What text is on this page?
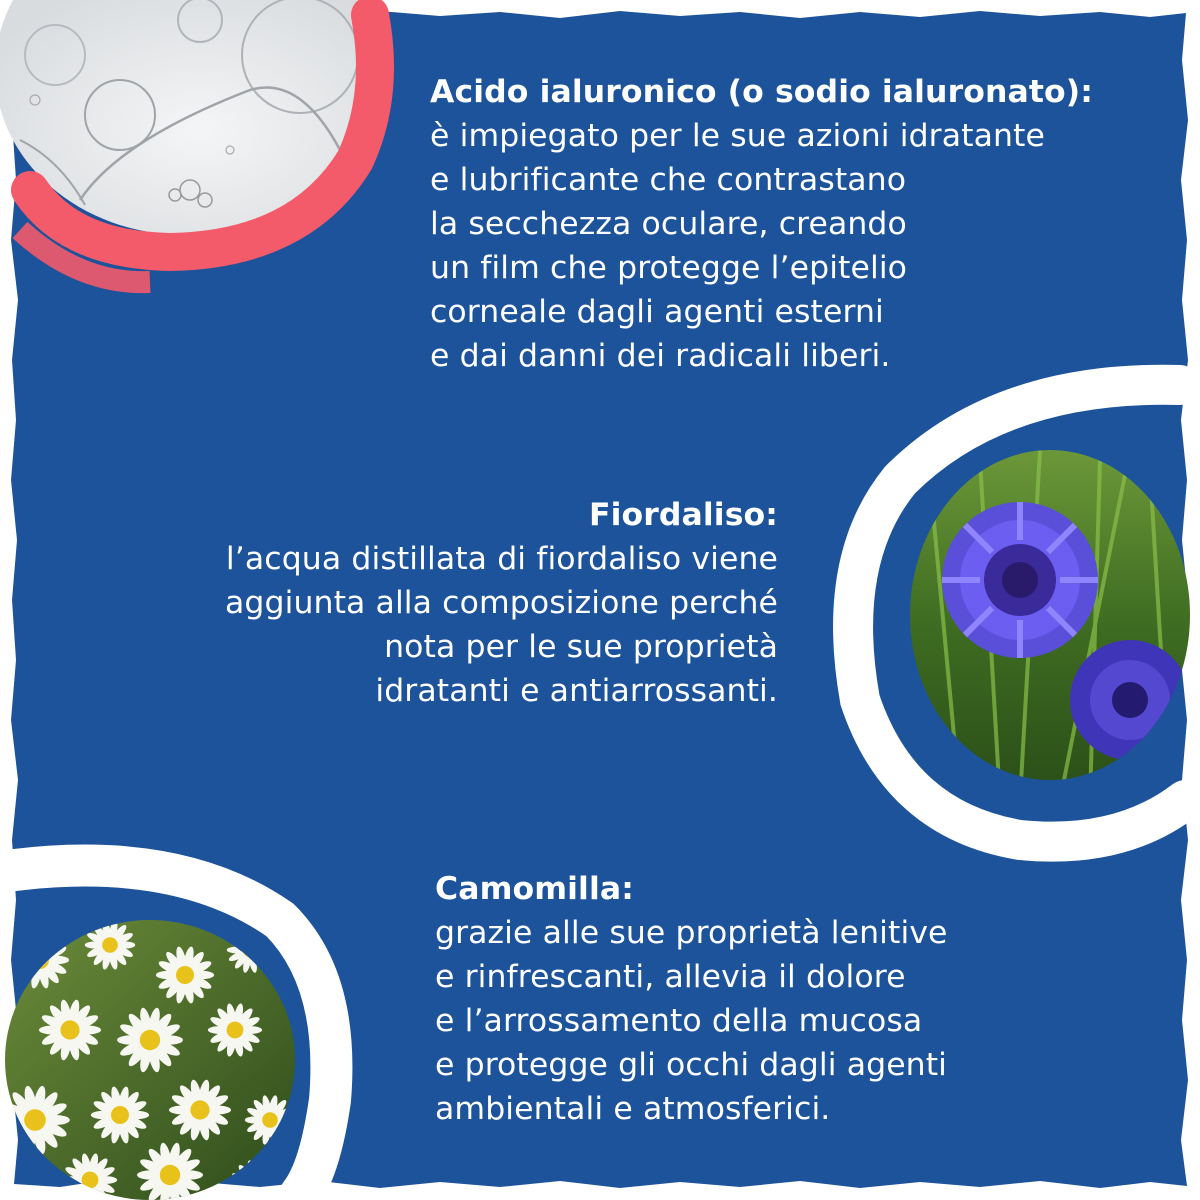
Acido ialuronico (o sodio ialuronato):
è impiegato per le sue azioni idratante
e lubrificante che contrastano
la secchezza oculare, creando
un film che protegge l’epitelio
corneale dagli agenti esterni
e dai danni dei radicali liberi.
Fiordaliso:
l’acqua distillata di fiordaliso viene
aggiunta alla composizione perché
nota per le sue proprietà
idratanti e antiarrossanti.
Camomilla:
grazie alle sue proprietà lenitive
e rinfrescanti, allevia il dolore
e l’arrossamento della mucosa
e protegge gli occhi dagli agenti
ambientali e atmosferici.
